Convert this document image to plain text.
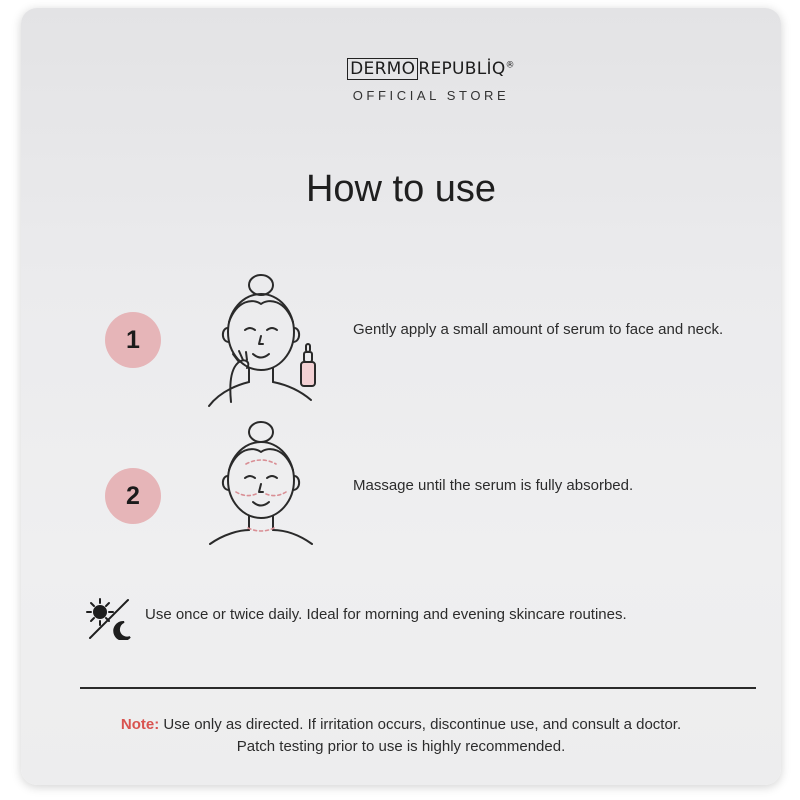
DERMO REPUBLİQ®
OFFICIAL STORE
How to use
1	Gently apply a small amount of serum to face and neck.
2	Massage until the serum is fully absorbed.
Use once or twice daily. Ideal for morning and evening skincare routines.
Note: Use only as directed. If irritation occurs, discontinue use, and consult a doctor.
Patch testing prior to use is highly recommended.
